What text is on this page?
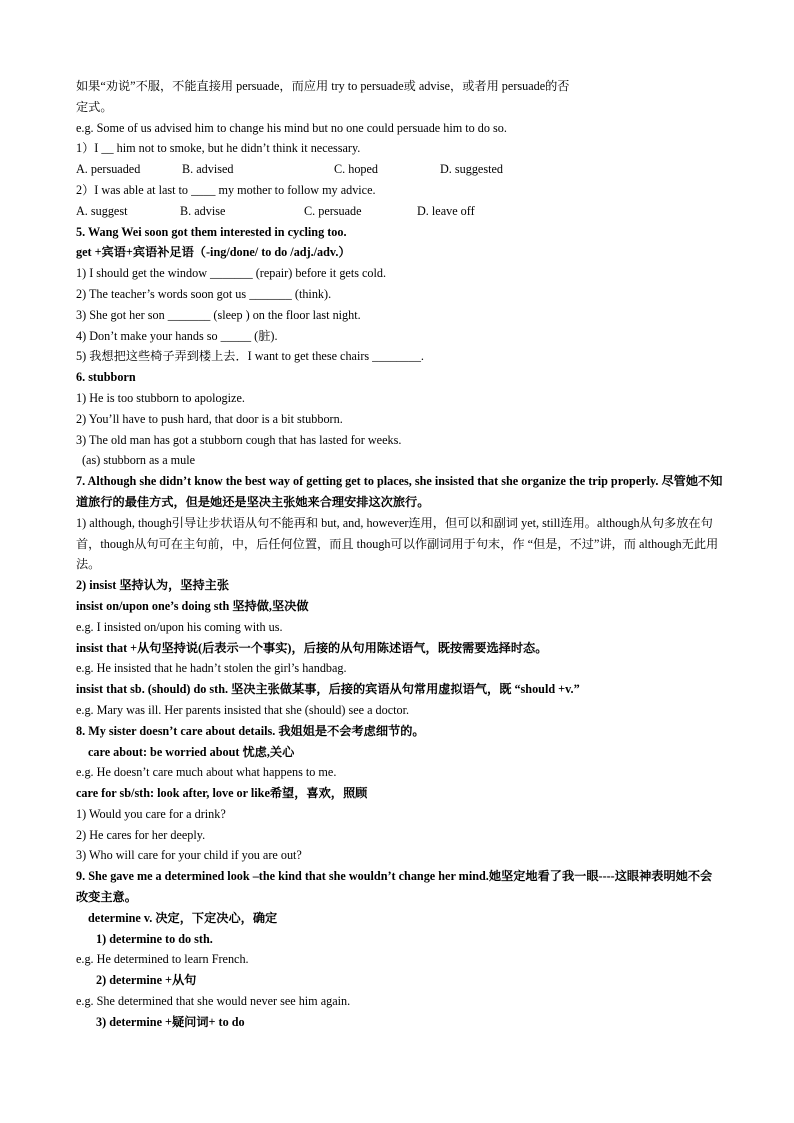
如果“劝说”不服，不能直接用 persuade，而应用 try to persuade或 advise，或者用 persuade的否
定式。
e.g. Some of us advised him to change his mind but no one could persuade him to do so.
1）I __ him not to smoke, but he didn’t think it necessary.
A. persuaded	B. advised	C. hoped	D. suggested
2）I was able at last to ____ my mother to follow my advice.
A. suggest	B. advise	C. persuade	D. leave off
5. Wang Wei soon got them interested in cycling too.
get +宾语+宾语补足语（-ing/done/ to do /adj./adv.）
1) I should get the window _______ (repair) before it gets cold.
2) The teacher’s words soon got us _______ (think).
3) She got her son _______ (sleep ) on the floor last night.
4) Don’t make your hands so _____ (脏).
5) 我想把这些椅子弄到楼上去．I want to get these chairs ________.
6. stubborn
1) He is too stubborn to apologize.
2) You’ll have to push hard, that door is a bit stubborn.
3) The old man has got a stubborn cough that has lasted for weeks.
(as) stubborn as a mule
7. Although she didn’t know the best way of getting get to places, she insisted that she organize the trip properly. 尽管她不知道旅行的最佳方式，但是她还是坚决主张她来合理安排这次旅行。
1) although, though引导让步状语从句不能再和 but, and, however连用，但可以和副词 yet, still连用。although从句多放在句首，though从句可在主句前，中，后任何位置，而且 though可以作副词用于句末，作 “但是，不过”讲，而 although无此用法。
2) insist 坚持认为，坚持主张
insist on/upon one’s doing sth 坚持做,坚决做
e.g. I insisted on/upon his coming with us.
insist that +从句坚持说(后表示一个事实)，后接的从句用陈述语气，既按需要选择时态。
e.g. He insisted that he hadn’t stolen the girl’s handbag.
insist that sb. (should) do sth. 坚决主张做某事，后接的宾语从句常用虚拟语气，既 “should +v.”
e.g. Mary was ill. Her parents insisted that she (should) see a doctor.
8. My sister doesn’t care about details. 我姐姐是不会考虑细节的。
care about: be worried about 忧虑,关心
e.g. He doesn’t care much about what happens to me.
care for sb/sth: look after, love or like希望，喜欢，照顾
1) Would you care for a drink?
2) He cares for her deeply.
3) Who will care for your child if you are out?
9. She gave me a determined look –the kind that she wouldn’t change her mind.她坚定地看了我一眼----这眼神表明她不会改变主意。
determine v. 决定，下定决心，确定
1) determine to do sth.
e.g. He determined to learn French.
2) determine +从句
e.g. She determined that she would never see him again.
3) determine +疑问词+ to do
